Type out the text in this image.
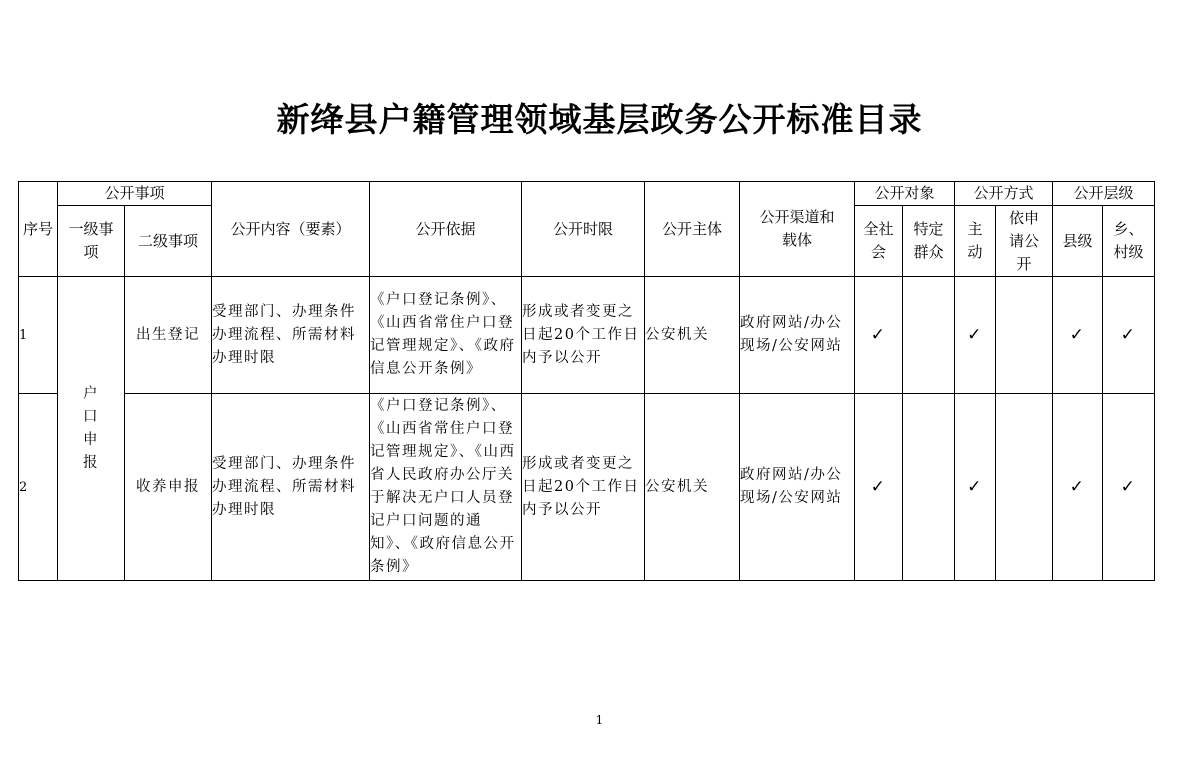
新绛县户籍管理领域基层政务公开标准目录
序号	公开事项		公开内容（要素）	公开依据	公开时限	公开主体	公开渠道和载体	公开对象		公开方式		公开层级	
	一级事项	二级事项						全社会	特定群众	主动	依申请公开	县级	乡、村级
1	户口申报	出生登记	受理部门、办理条件办理流程、所需材料办理时限	《户口登记条例》、《山西省常住户口登记管理规定》、《政府信息公开条例》	形成或者变更之日起20个工作日内予以公开	公安机关	政府网站/办公现场/公安网站	✓		✓		✓	✓
2		收养申报	受理部门、办理条件办理流程、所需材料办理时限	《户口登记条例》、《山西省常住户口登记管理规定》、《山西省人民政府办公厅关于解决无户口人员登记户口问题的通知》、《政府信息公开条例》	形成或者变更之日起20个工作日内予以公开	公安机关	政府网站/办公现场/公安网站	✓		✓		✓	✓
1
